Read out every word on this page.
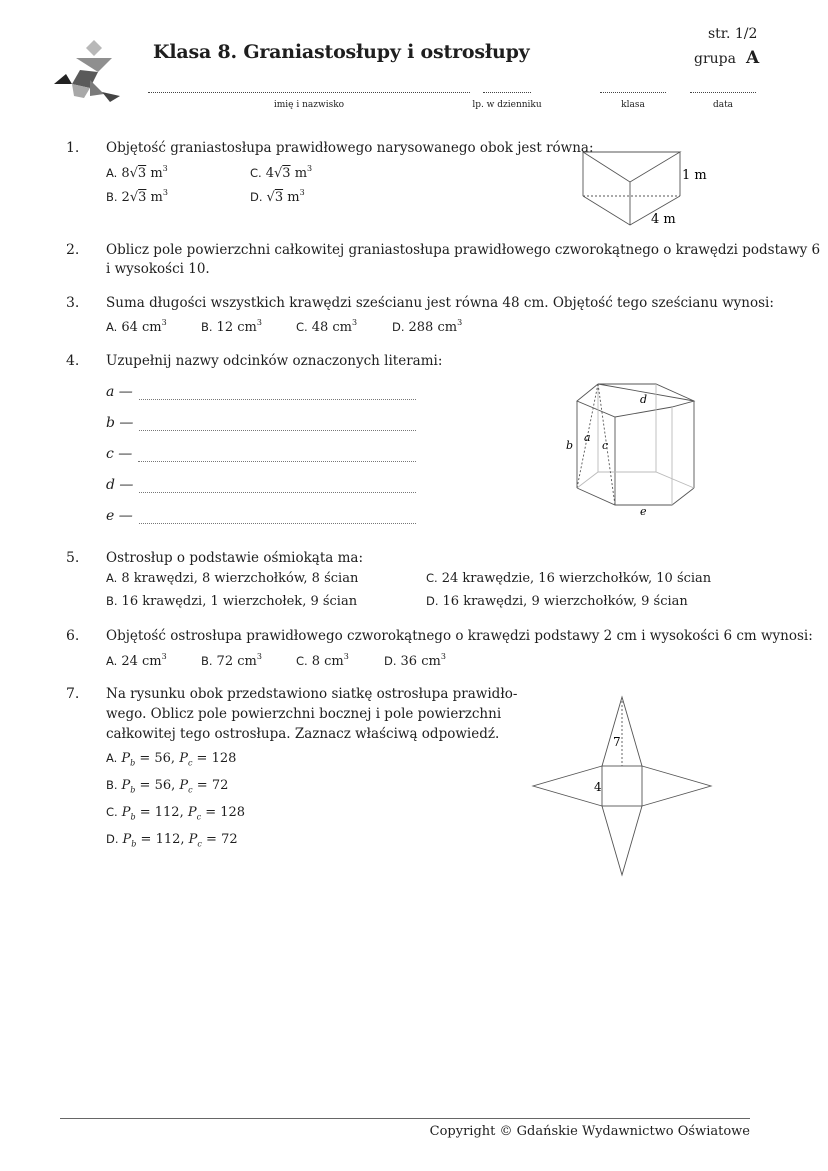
Klasa 8. Graniastosłupy i ostrosłupy
str. 1/2
grupa A
imię i nazwisko	lp. w dzienniku	klasa	data
1. Objętość graniastosłupa prawidłowego narysowanego obok jest równa:
A. 8√3 $m^3$	C. 4√3 $m^3$
B. 2√3 $m^3$	D. √3 $m^3$
1 m
4 m
2. Oblicz pole powierzchni całkowitej graniastosłupa prawidłowego czworokątnego o krawędzi podstawy 6
i wysokości 10.
3. Suma długości wszystkich krawędzi sześcianu jest równa 48 cm. Objętość tego sześcianu wynosi:
A. 64 $cm^3$	B. 12 $cm^3$	C. 48 $cm^3$	D. 288 $cm^3$
4. Uzupełnij nazwy odcinków oznaczonych literami:
a —
b —
c —
d —
e —
d
b
a
c
e
5. Ostrosłup o podstawie ośmiokąta ma:
A. 8 krawędzi, 8 wierzchołków, 8 ścian	C. 24 krawędzie, 16 wierzchołków, 10 ścian
B. 16 krawędzi, 1 wierzchołek, 9 ścian	D. 16 krawędzi, 9 wierzchołków, 9 ścian
6. Objętość ostrosłupa prawidłowego czworokątnego o krawędzi podstawy 2 cm i wysokości 6 cm wynosi:
A. 24 $cm^3$	B. 72 $cm^3$	C. 8 $cm^3$	D. 36 $cm^3$
7. Na rysunku obok przedstawiono siatkę ostrosłupa prawidło-
wego. Oblicz pole powierzchni bocznej i pole powierzchni
całkowitej tego ostrosłupa. Zaznacz właściwą odpowiedź.
A. $P_b = 56$, $P_c = 128$
B. $P_b = 56$, $P_c = 72$
C. $P_b = 112$, $P_c = 128$
D. $P_b = 112$, $P_c = 72$
7
4
Copyright © Gdańskie Wydawnictwo Oświatowe
